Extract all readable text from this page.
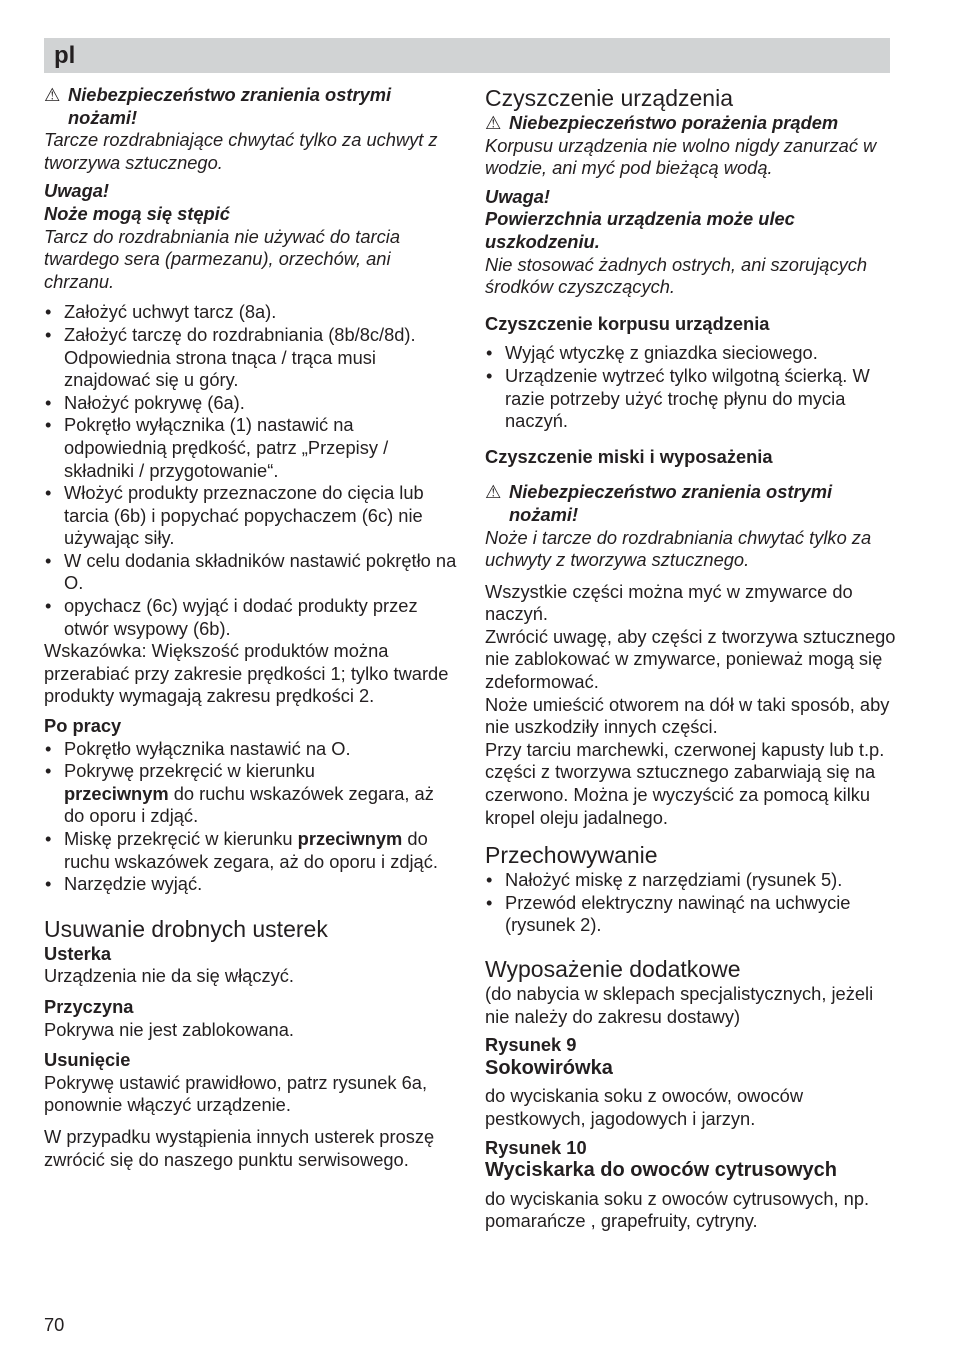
pl

⚠ Niebezpieczeństwo zranienia ostrymi nożami!

Tarcze rozdrabniające chwytać tylko za uchwyt z tworzywa sztucznego.

Uwaga!

Noże mogą się stępić

Tarcz do rozdrabniania nie używać do tarcia twardego sera (parmezanu), orzechów, ani chrzanu.

• Założyć uchwyt tarcz (8a).
• Założyć tarczę do rozdrabniania (8b/8c/8d). Odpowiednia strona tnąca / trąca musi znajdować się u góry.
• Nałożyć pokrywę (6a).
• Pokrętło wyłącznika (1) nastawić na odpowiednią prędkość, patrz „Przepisy / składniki / przygotowanie“.
• Włożyć produkty przeznaczone do cięcia lub tarcia (6b) i popychać popychaczem (6c) nie używając siły.
• W celu dodania składników nastawić pokrętło na O.
• opychacz (6c) wyjąć i dodać produkty przez otwór wsypowy (6b).

Wskazówka: Większość produktów można przerabiać przy zakresie prędkości 1; tylko twarde produkty wymagają zakresu prędkości 2.

Po pracy

• Pokrętło wyłącznika nastawić na O.
• Pokrywę przekręcić w kierunku
przeciwnym do ruchu wskazówek zegara, aż do oporu i zdjąć.
• Miskę przekręcić w kierunku przeciwnym do ruchu wskazówek zegara, aż do oporu i zdjąć.
• Narzędzie wyjąć.

Usuwanie drobnych usterek

Usterka

Urządzenia nie da się włączyć.

Przyczyna

Pokrywa nie jest zablokowana.

Usunięcie

Pokrywę ustawić prawidłowo, patrz rysunek 6a, ponownie włączyć urządzenie.

W przypadku wystąpienia innych usterek proszę zwrócić się do naszego punktu serwisowego.

Czyszczenie urządzenia

⚠ Niebezpieczeństwo porażenia prądem

Korpusu urządzenia nie wolno nigdy zanurzać w wodzie, ani myć pod bieżącą wodą.

Uwaga!

Powierzchnia urządzenia może ulec uszkodzeniu.

Nie stosować żadnych ostrych, ani szorujących środków czyszczących.

Czyszczenie korpusu urządzenia

• Wyjąć wtyczkę z gniazdka sieciowego.
• Urządzenie wytrzeć tylko wilgotną ścierką. W razie potrzeby użyć trochę płynu do mycia naczyń.

Czyszczenie miski i wyposażenia

⚠ Niebezpieczeństwo zranienia ostrymi nożami!

Noże i tarcze do rozdrabniania chwytać tylko za uchwyty z tworzywa sztucznego.

Wszystkie części można myć w zmywarce do naczyń.

Zwrócić uwagę, aby części z tworzywa sztucznego nie zablokować w zmywarce, ponieważ mogą się zdeformować.

Noże umieścić otworem na dół w taki sposób, aby nie uszkodziły innych części.

Przy tarciu marchewki, czerwonej kapusty lub t.p. części z tworzywa sztucznego zabarwiają się na czerwono. Można je wyczyścić za pomocą kilku kropel oleju jadalnego.

Przechowywanie

• Nałożyć miskę z narzędziami (rysunek 5).
• Przewód elektryczny nawinąć na uchwycie (rysunek 2).

Wyposażenie dodatkowe

(do nabycia w sklepach specjalistycznych, jeżeli nie należy do zakresu dostawy)

Rysunek 9

Sokowirówka

do wyciskania soku z owoców, owoców pestkowych, jagodowych i jarzyn.

Rysunek 10

Wyciskarka do owoców cytrusowych

do wyciskania soku z owoców cytrusowych, np. pomarańcze , grapefruity, cytryny.

70
